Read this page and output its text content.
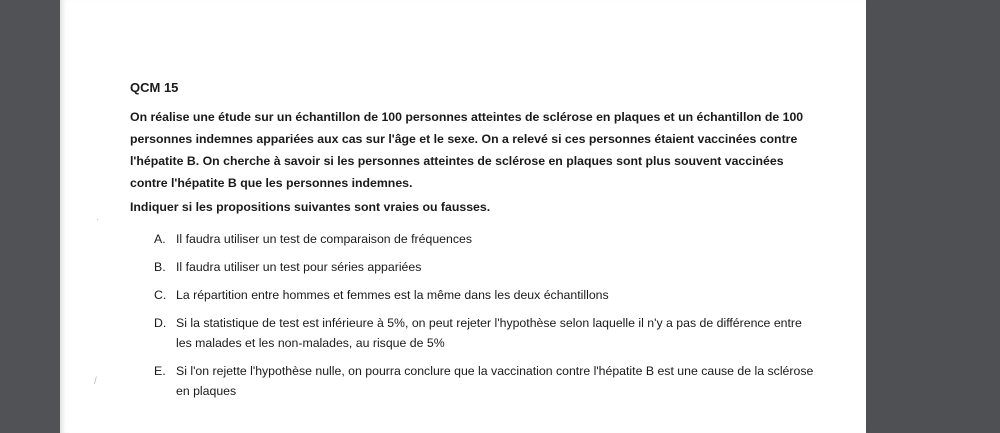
QCM 15

On réalise une étude sur un échantillon de 100 personnes atteintes de sclérose en plaques et un échantillon de 100 personnes indemnes appariées aux cas sur l'âge et le sexe. On a relevé si ces personnes étaient vaccinées contre l'hépatite B. On cherche à savoir si les personnes atteintes de sclérose en plaques sont plus souvent vaccinées contre l'hépatite B que les personnes indemnes.

Indiquer si les propositions suivantes sont vraies ou fausses.

A. Il faudra utiliser un test de comparaison de fréquences
B. Il faudra utiliser un test pour séries appariées
C. La répartition entre hommes et femmes est la même dans les deux échantillons
D. Si la statistique de test est inférieure à 5%, on peut rejeter l'hypothèse selon laquelle il n'y a pas de différence entre les malades et les non-malades, au risque de 5%
E. Si l'on rejette l'hypothèse nulle, on pourra conclure que la vaccination contre l'hépatite B est une cause de la sclérose en plaques
/
·
